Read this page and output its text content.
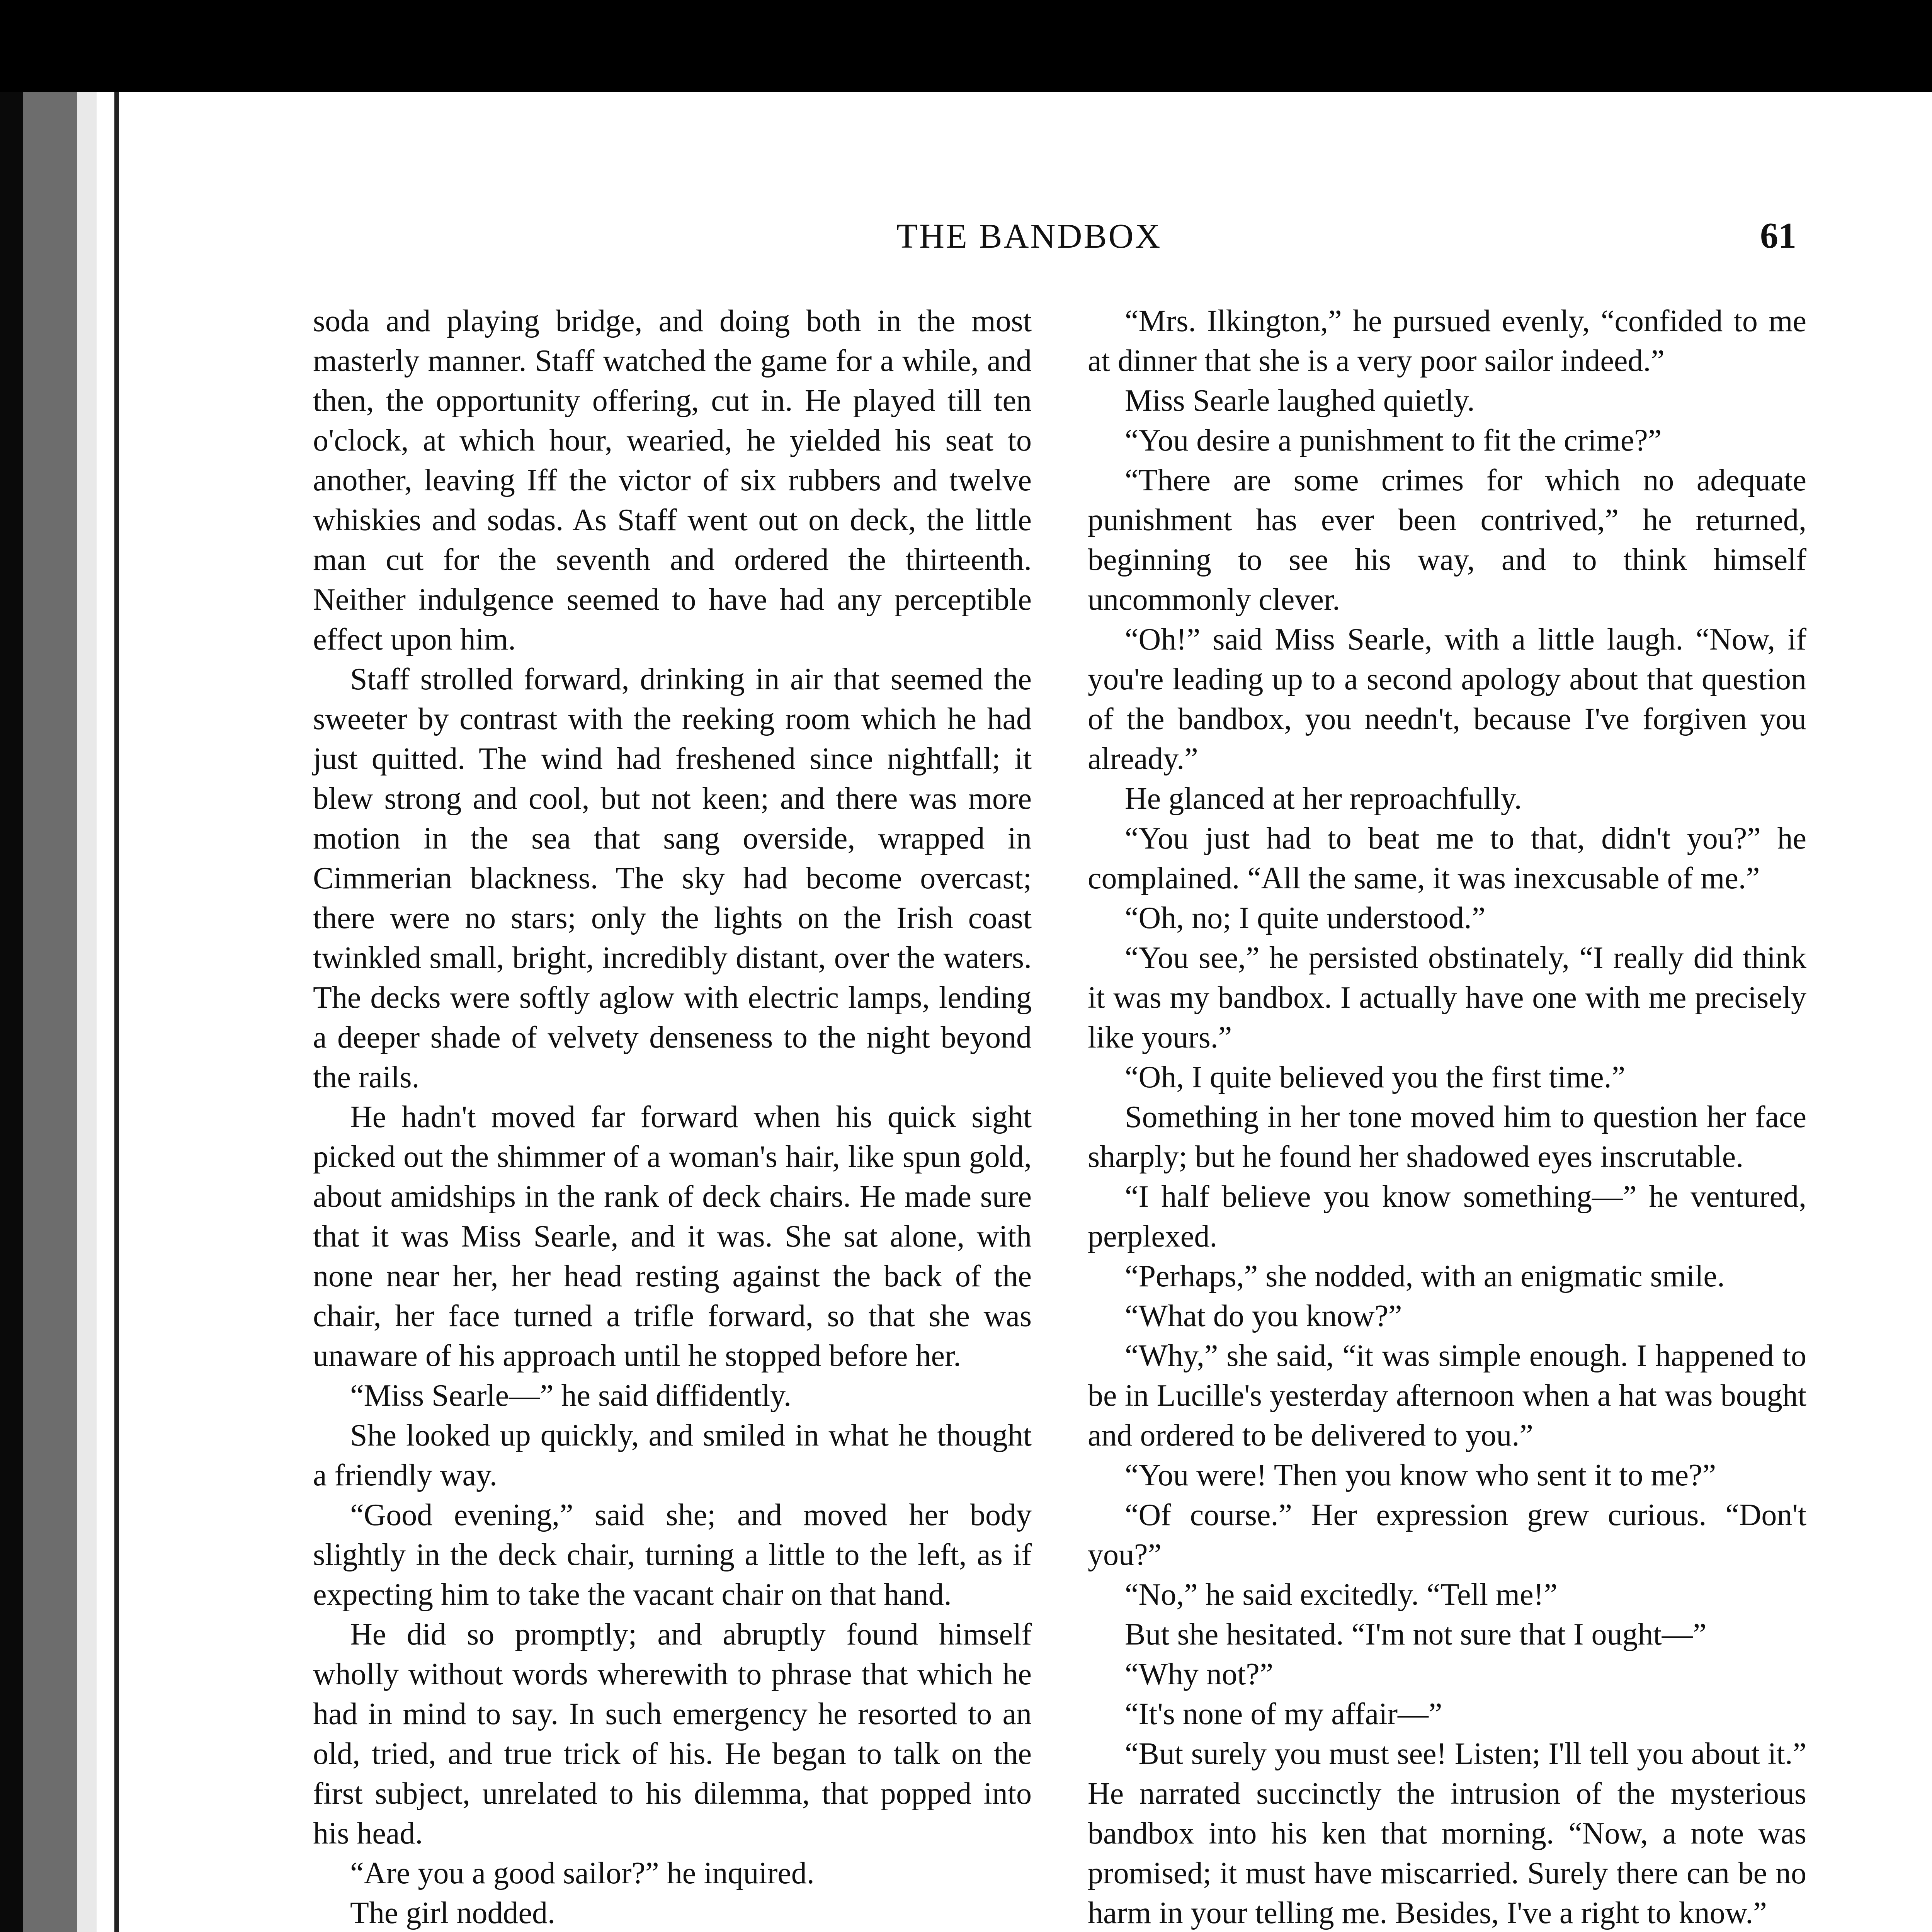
THE BANDBOX	61

soda and playing bridge, and doing both in the most masterly manner. Staff watched the game for a while, and then, the opportunity offering, cut in. He played till ten o'clock, at which hour, wearied, he yielded his seat to another, leaving Iff the victor of six rubbers and twelve whiskies and sodas. As Staff went out on deck, the little man cut for the seventh and ordered the thirteenth. Neither indulgence seemed to have had any perceptible effect upon him.

Staff strolled forward, drinking in air that seemed the sweeter by contrast with the reeking room which he had just quitted. The wind had freshened since nightfall; it blew strong and cool, but not keen; and there was more motion in the sea that sang overside, wrapped in Cimmerian blackness. The sky had become overcast; there were no stars; only the lights on the Irish coast twinkled small, bright, incredibly distant, over the waters. The decks were softly aglow with electric lamps, lending a deeper shade of velvety denseness to the night beyond the rails.

He hadn't moved far forward when his quick sight picked out the shimmer of a woman's hair, like spun gold, about amidships in the rank of deck chairs. He made sure that it was Miss Searle, and it was. She sat alone, with none near her, her head resting against the back of the chair, her face turned a trifle forward, so that she was unaware of his approach until he stopped before her.

“Miss Searle—” he said diffidently.

She looked up quickly, and smiled in what he thought a friendly way.

“Good evening,” said she; and moved her body slightly in the deck chair, turning a little to the left, as if expecting him to take the vacant chair on that hand.

He did so promptly; and abruptly found himself wholly without words wherewith to phrase that which he had in mind to say. In such emergency he resorted to an old, tried, and true trick of his. He began to talk on the first subject, unrelated to his dilemma, that popped into his head.

“Are you a good sailor?” he inquired.

The girl nodded.

“Mrs. Ilkington,” he pursued evenly, “confided to me at dinner that she is a very poor sailor indeed.”

Miss Searle laughed quietly.

“You desire a punishment to fit the crime?”

“There are some crimes for which no adequate punishment has ever been contrived,” he returned, beginning to see his way, and to think himself uncommonly clever.

“Oh!” said Miss Searle, with a little laugh. “Now, if you're leading up to a second apology about that question of the bandbox, you needn't, because I've forgiven you already.”

He glanced at her reproachfully.

“You just had to beat me to that, didn't you?” he complained. “All the same, it was inexcusable of me.”

“Oh, no; I quite understood.”

“You see,” he persisted obstinately, “I really did think it was my bandbox. I actually have one with me precisely like yours.”

“Oh, I quite believed you the first time.”

Something in her tone moved him to question her face sharply; but he found her shadowed eyes inscrutable.

“I half believe you know something—” he ventured, perplexed.

“Perhaps,” she nodded, with an enigmatic smile.

“What do you know?”

“Why,” she said, “it was simple enough. I happened to be in Lucille's yesterday afternoon when a hat was bought and ordered to be delivered to you.”

“You were! Then you know who sent it to me?”

“Of course.” Her expression grew curious. “Don't you?”

“No,” he said excitedly. “Tell me!”

But she hesitated. “I'm not sure that I ought—”

“Why not?”

“It's none of my affair—”

“But surely you must see! Listen; I'll tell you about it.” He narrated succinctly the intrusion of the mysterious bandbox into his ken that morning. “Now, a note was promised; it must have miscarried. Surely there can be no harm in your telling me. Besides, I've a right to know.”
